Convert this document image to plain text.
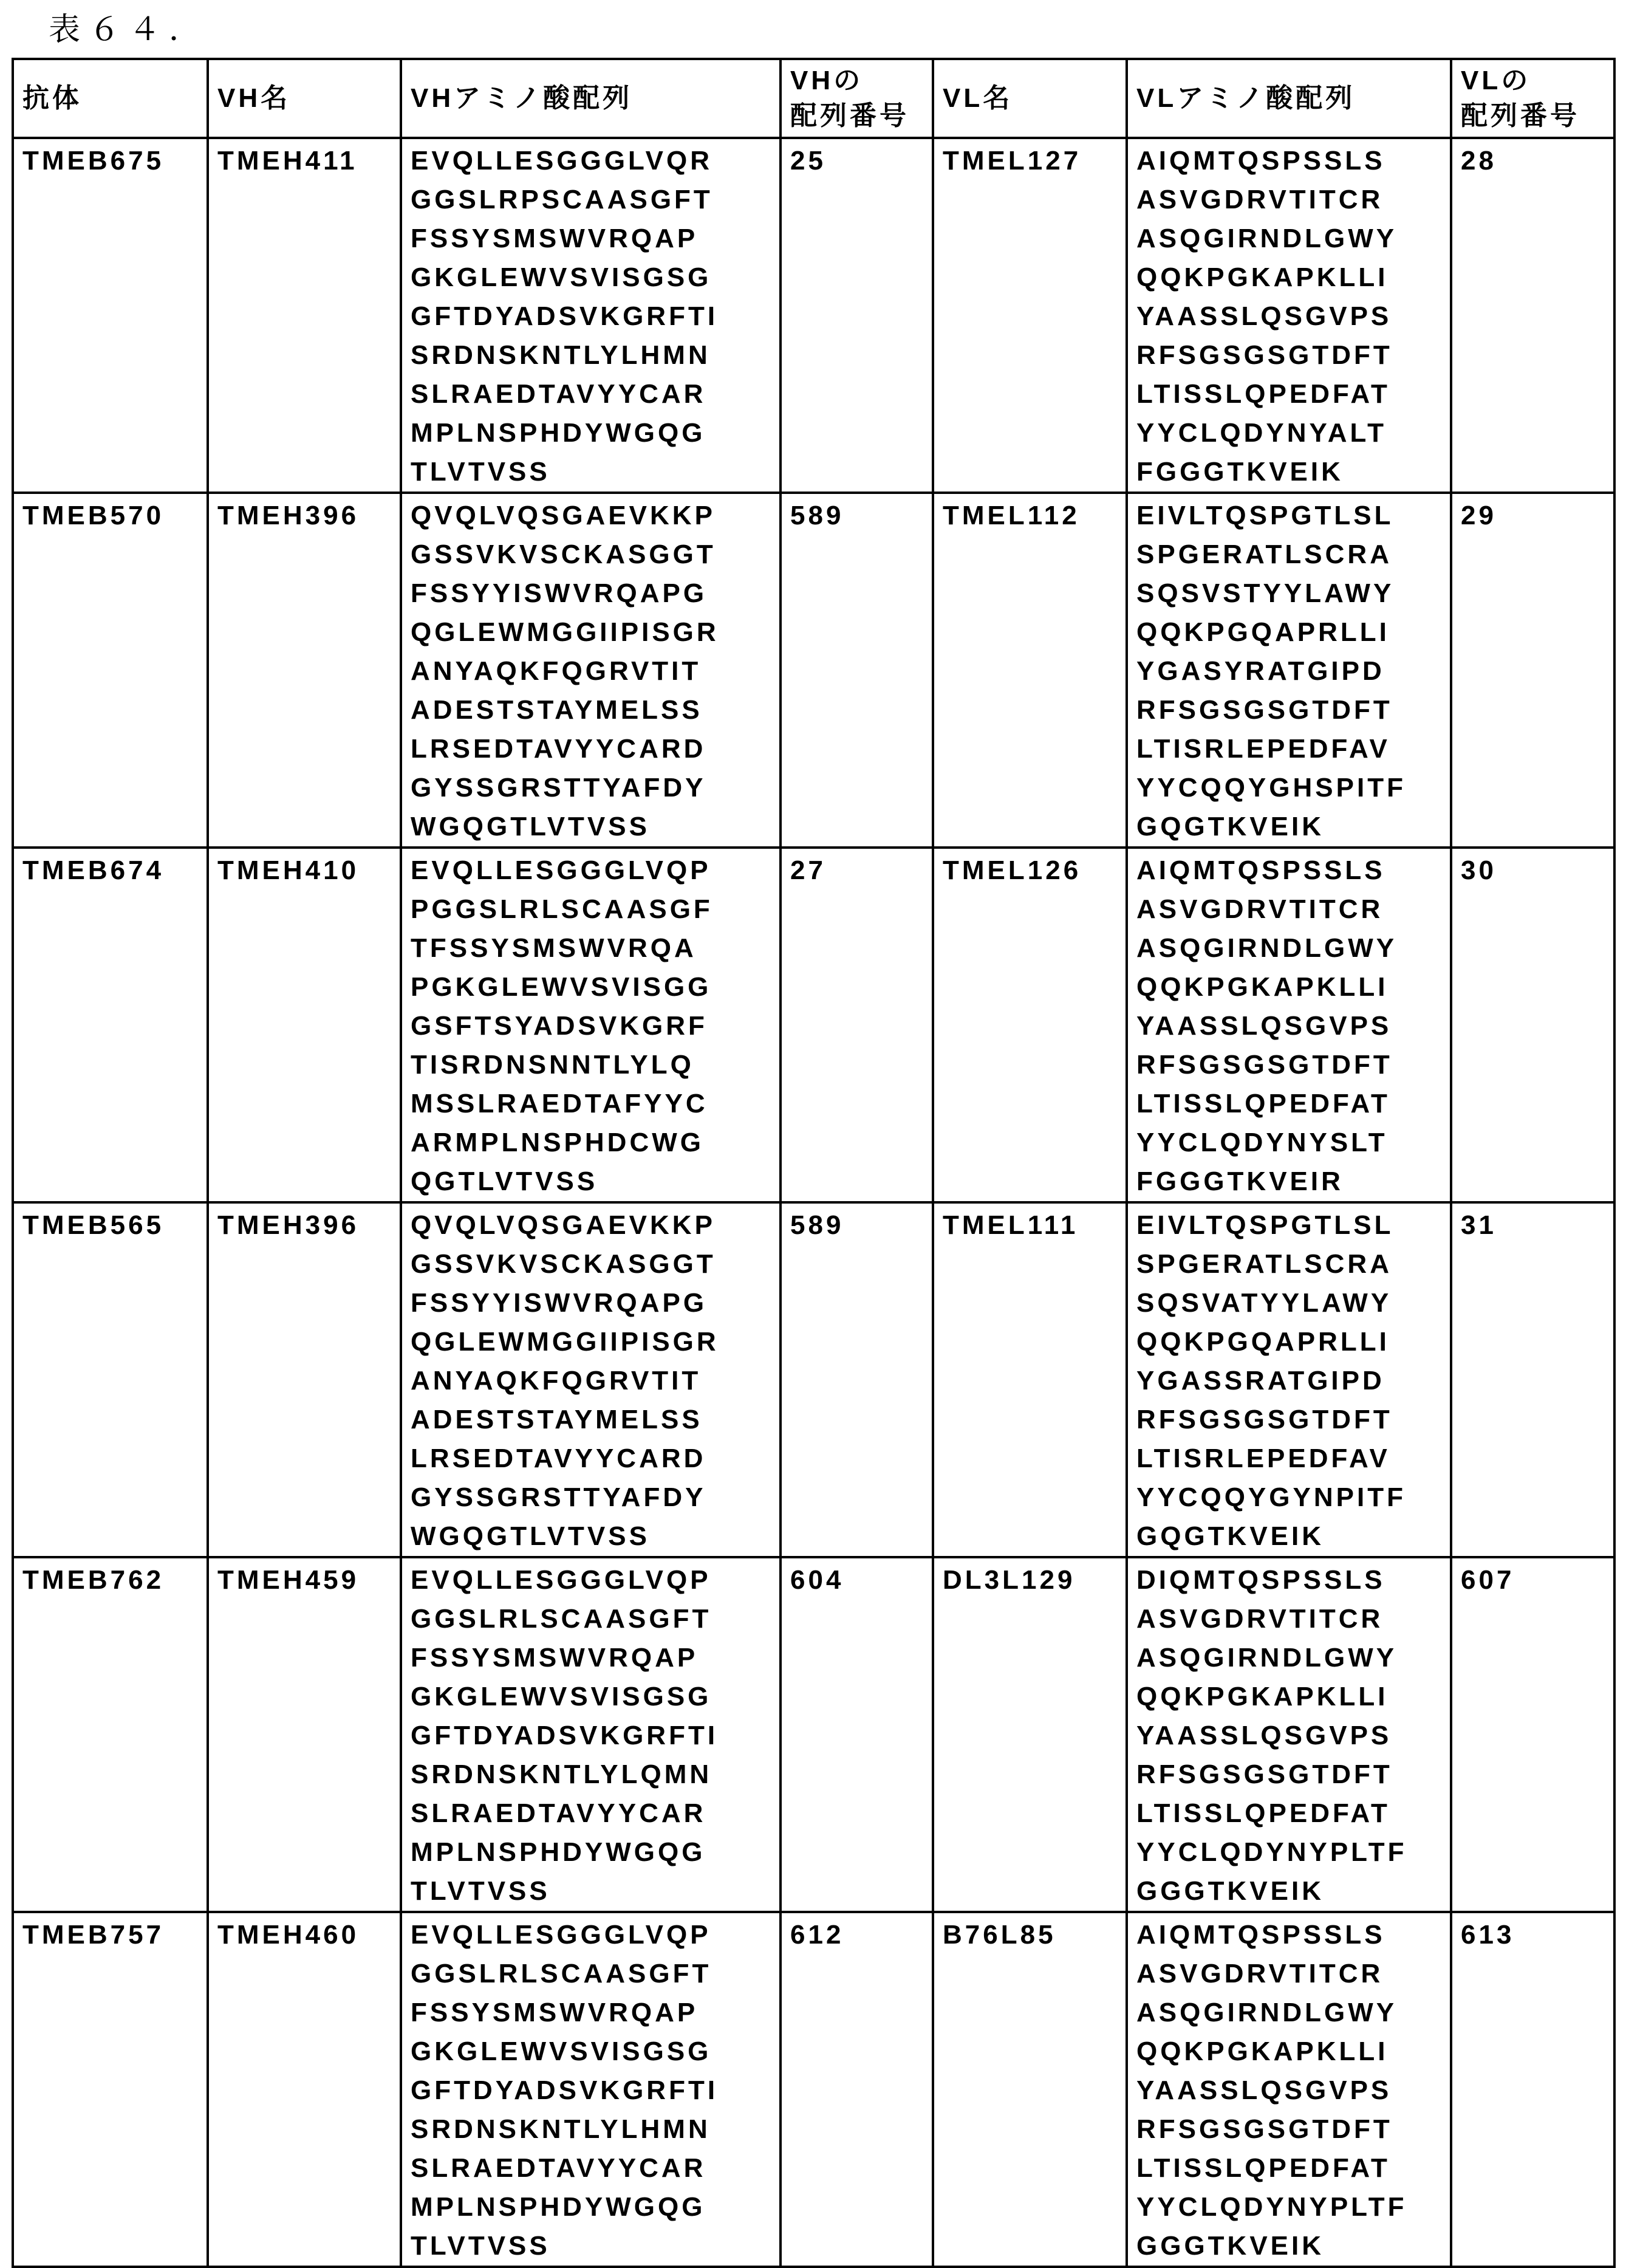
表６４．
抗体	VH名	VHアミノ酸配列	VHの
配列番号	VL名	VLアミノ酸配列	VLの
配列番号
TMEB675	TMEH411	EVQLLESGGGLVQR
GGSLRPSCAASGFT
FSSYSMSWVRQAP
GKGLEWVSVISGSG
GFTDYADSVKGRFTI
SRDNSKNTLYLHMN
SLRAEDTAVYYCAR
MPLNSPHDYWGQG
TLVTVSS	25	TMEL127	AIQMTQSPSSLS
ASVGDRVTITCR
ASQGIRNDLGWY
QQKPGKAPKLLI
YAASSLQSGVPS
RFSGSGSGTDFT
LTISSLQPEDFAT
YYCLQDYNYALT
FGGGTKVEIK	28
TMEB570	TMEH396	QVQLVQSGAEVKKP
GSSVKVSCKASGGT
FSSYYISWVRQAPG
QGLEWMGGIIPISGR
ANYAQKFQGRVTIT
ADESTSTAYMELSS
LRSEDTAVYYCARD
GYSSGRSTTYAFDY
WGQGTLVTVSS	589	TMEL112	EIVLTQSPGTLSL
SPGERATLSCRA
SQSVSTYYLAWY
QQKPGQAPRLLI
YGASYRATGIPD
RFSGSGSGTDFT
LTISRLEPEDFAV
YYCQQYGHSPITF
GQGTKVEIK	29
TMEB674	TMEH410	EVQLLESGGGLVQP
PGGSLRLSCAASGF
TFSSYSMSWVRQA
PGKGLEWVSVISGG
GSFTSYADSVKGRF
TISRDNSNNTLYLQ
MSSLRAEDTAFYYC
ARMPLNSPHDCWG
QGTLVTVSS	27	TMEL126	AIQMTQSPSSLS
ASVGDRVTITCR
ASQGIRNDLGWY
QQKPGKAPKLLI
YAASSLQSGVPS
RFSGSGSGTDFT
LTISSLQPEDFAT
YYCLQDYNYSLT
FGGGTKVEIR	30
TMEB565	TMEH396	QVQLVQSGAEVKKP
GSSVKVSCKASGGT
FSSYYISWVRQAPG
QGLEWMGGIIPISGR
ANYAQKFQGRVTIT
ADESTSTAYMELSS
LRSEDTAVYYCARD
GYSSGRSTTYAFDY
WGQGTLVTVSS	589	TMEL111	EIVLTQSPGTLSL
SPGERATLSCRA
SQSVATYYLAWY
QQKPGQAPRLLI
YGASSRATGIPD
RFSGSGSGTDFT
LTISRLEPEDFAV
YYCQQYGYNPITF
GQGTKVEIK	31
TMEB762	TMEH459	EVQLLESGGGLVQP
GGSLRLSCAASGFT
FSSYSMSWVRQAP
GKGLEWVSVISGSG
GFTDYADSVKGRFTI
SRDNSKNTLYLQMN
SLRAEDTAVYYCAR
MPLNSPHDYWGQG
TLVTVSS	604	DL3L129	DIQMTQSPSSLS
ASVGDRVTITCR
ASQGIRNDLGWY
QQKPGKAPKLLI
YAASSLQSGVPS
RFSGSGSGTDFT
LTISSLQPEDFAT
YYCLQDYNYPLTF
GGGTKVEIK	607
TMEB757	TMEH460	EVQLLESGGGLVQP
GGSLRLSCAASGFT
FSSYSMSWVRQAP
GKGLEWVSVISGSG
GFTDYADSVKGRFTI
SRDNSKNTLYLHMN
SLRAEDTAVYYCAR
MPLNSPHDYWGQG
TLVTVSS	612	B76L85	AIQMTQSPSSLS
ASVGDRVTITCR
ASQGIRNDLGWY
QQKPGKAPKLLI
YAASSLQSGVPS
RFSGSGSGTDFT
LTISSLQPEDFAT
YYCLQDYNYPLTF
GGGTKVEIK	613
